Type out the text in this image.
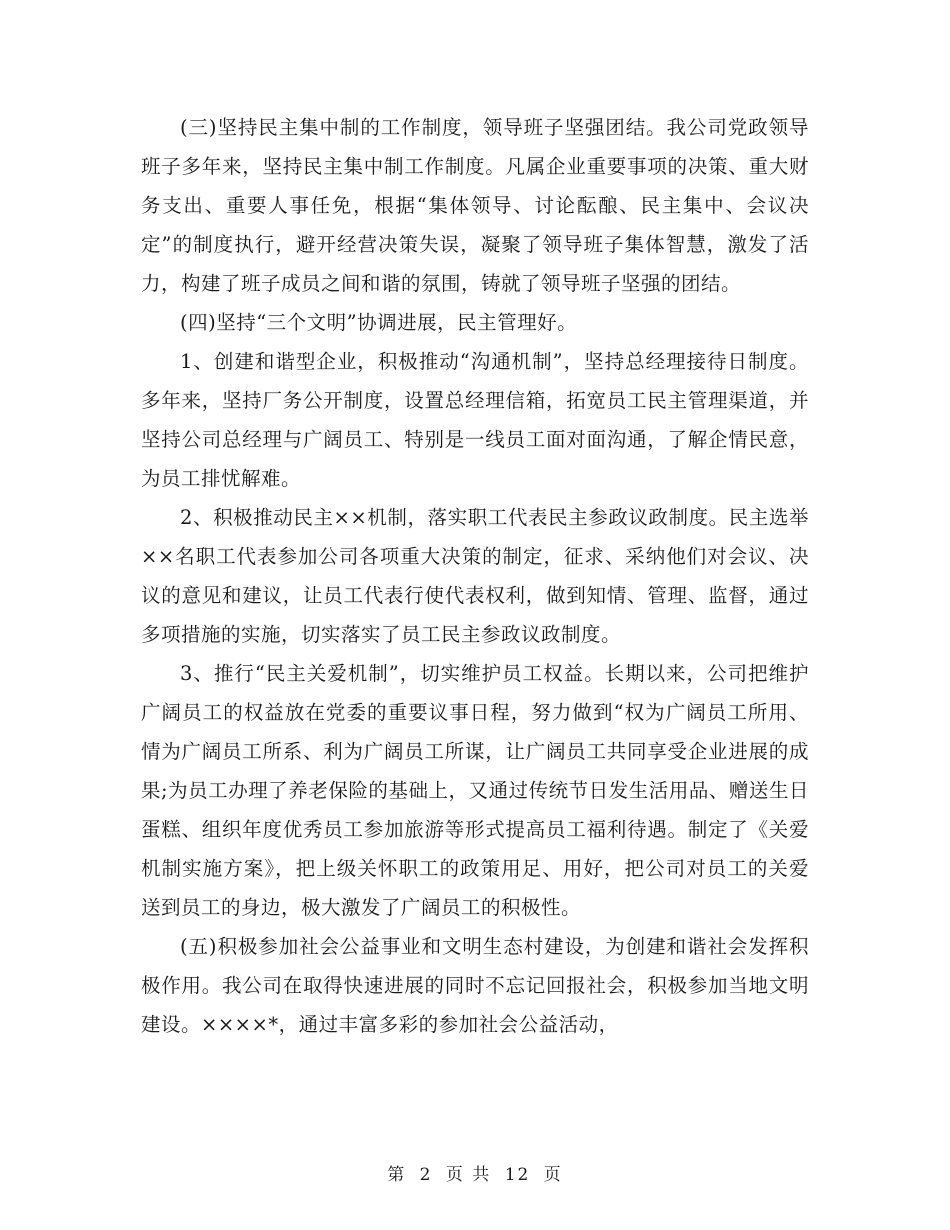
(三)坚持民主集中制的工作制度，领导班子坚强团结。我公司党政领导班子多年来，坚持民主集中制工作制度。凡属企业重要事项的决策、重大财务支出、重要人事任免，根据“集体领导、讨论酝酿、民主集中、会议决定”的制度执行，避开经营决策失误，凝聚了领导班子集体智慧，激发了活力，构建了班子成员之间和谐的氛围，铸就了领导班子坚强的团结。

(四)坚持“三个文明”协调进展，民主管理好。

1、创建和谐型企业，积极推动“沟通机制”，坚持总经理接待日制度。多年来，坚持厂务公开制度，设置总经理信箱，拓宽员工民主管理渠道，并坚持公司总经理与广阔员工、特别是一线员工面对面沟通，了解企情民意，为员工排忧解难。

2、积极推动民主××机制，落实职工代表民主参政议政制度。民主选举××名职工代表参加公司各项重大决策的制定，征求、采纳他们对会议、决议的意见和建议，让员工代表行使代表权利，做到知情、管理、监督，通过多项措施的实施，切实落实了员工民主参政议政制度。

3、推行“民主关爱机制”，切实维护员工权益。长期以来，公司把维护广阔员工的权益放在党委的重要议事日程，努力做到“权为广阔员工所用、情为广阔员工所系、利为广阔员工所谋，让广阔员工共同享受企业进展的成果;为员工办理了养老保险的基础上，又通过传统节日发生活用品、赠送生日蛋糕、组织年度优秀员工参加旅游等形式提高员工福利待遇。制定了《关爱机制实施方案》，把上级关怀职工的政策用足、用好，把公司对员工的关爱送到员工的身边，极大激发了广阔员工的积极性。

(五)积极参加社会公益事业和文明生态村建设，为创建和谐社会发挥积极作用。我公司在取得快速进展的同时不忘记回报社会，积极参加当地文明建设。××××*，通过丰富多彩的参加社会公益活动，

第 2 页 共 12 页
